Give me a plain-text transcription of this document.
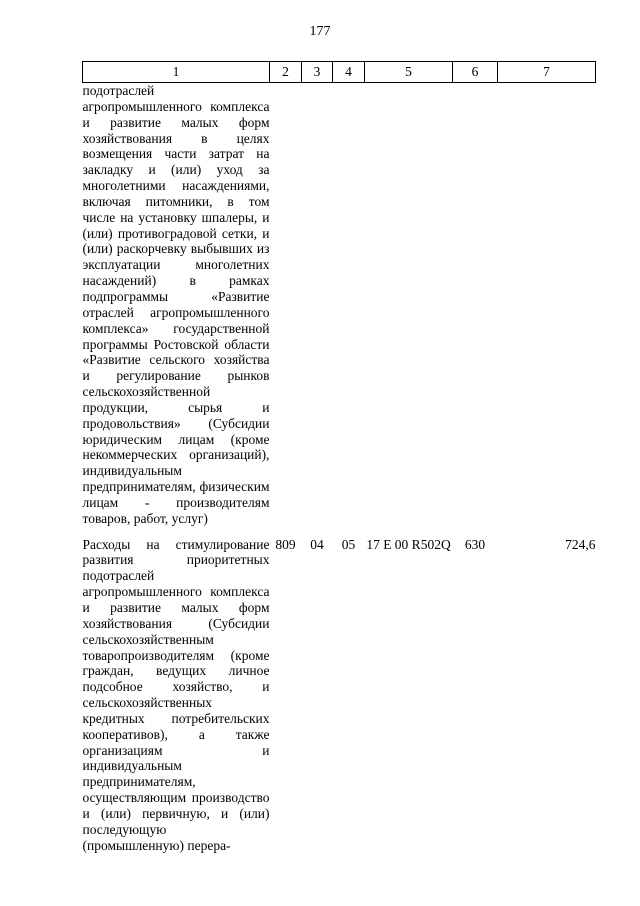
177
1	2	3	4	5	6	7
подотраслей агропромышленного комплекса и развитие малых форм хозяйствования в целях возмещения части затрат на закладку и (или) уход за многолетними насаждениями, включая питомники, в том числе на установку шпалеры, и (или) противоградовой сетки, и (или) раскорчевку выбывших из эксплуатации многолетних насаждений) в рамках подпрограммы «Развитие отраслей агропромышленного комплекса» государственной программы Ростовской области «Развитие сельского хозяйства и регулирование рынков сельскохозяйственной продукции, сырья и продовольствия» (Субсидии юридическим лицам (кроме некоммерческих организаций), индивидуальным предпринимателям, физическим лицам - производителям товаров, работ, услуг)						

Расходы на стимулирование развития приоритетных подотраслей агропромышленного комплекса и развитие малых форм хозяйствования (Субсидии сельскохозяйственным товаропроизводителям (кроме граждан, ведущих личное подсобное хозяйство, и сельскохозяйственных кредитных потребительских кооперативов), а также организациям и индивидуальным предпринимателям, осуществляющим производство и (или) первичную, и (или) последующую (промышленную) перера-	809	04	05	17 Е 00 R502Q	630	724,6
